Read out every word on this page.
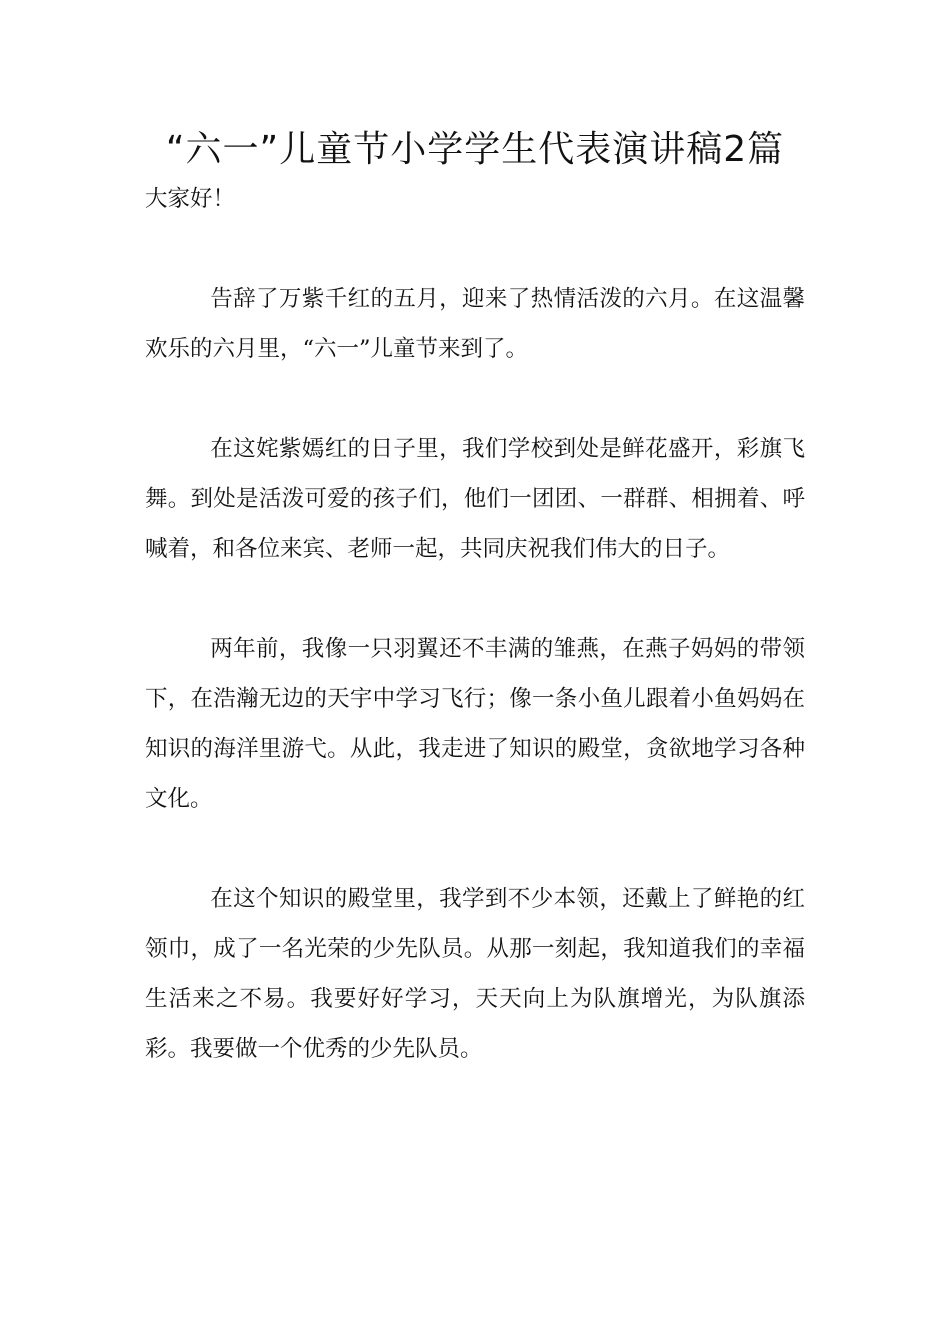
“六一”儿童节小学学生代表演讲稿2篇

大家好！

告辞了万紫千红的五月，迎来了热情活泼的六月。在这温馨欢乐的六月里，“六一”儿童节来到了。

在这姹紫嫣红的日子里，我们学校到处是鲜花盛开，彩旗飞舞。到处是活泼可爱的孩子们，他们一团团、一群群、相拥着、呼喊着，和各位来宾、老师一起，共同庆祝我们伟大的日子。

两年前，我像一只羽翼还不丰满的雏燕，在燕子妈妈的带领下，在浩瀚无边的天宇中学习飞行；像一条小鱼儿跟着小鱼妈妈在知识的海洋里游弋。从此，我走进了知识的殿堂，贪欲地学习各种文化。

在这个知识的殿堂里，我学到不少本领，还戴上了鲜艳的红领巾，成了一名光荣的少先队员。从那一刻起，我知道我们的幸福生活来之不易。我要好好学习，天天向上为队旗增光，为队旗添彩。我要做一个优秀的少先队员。
